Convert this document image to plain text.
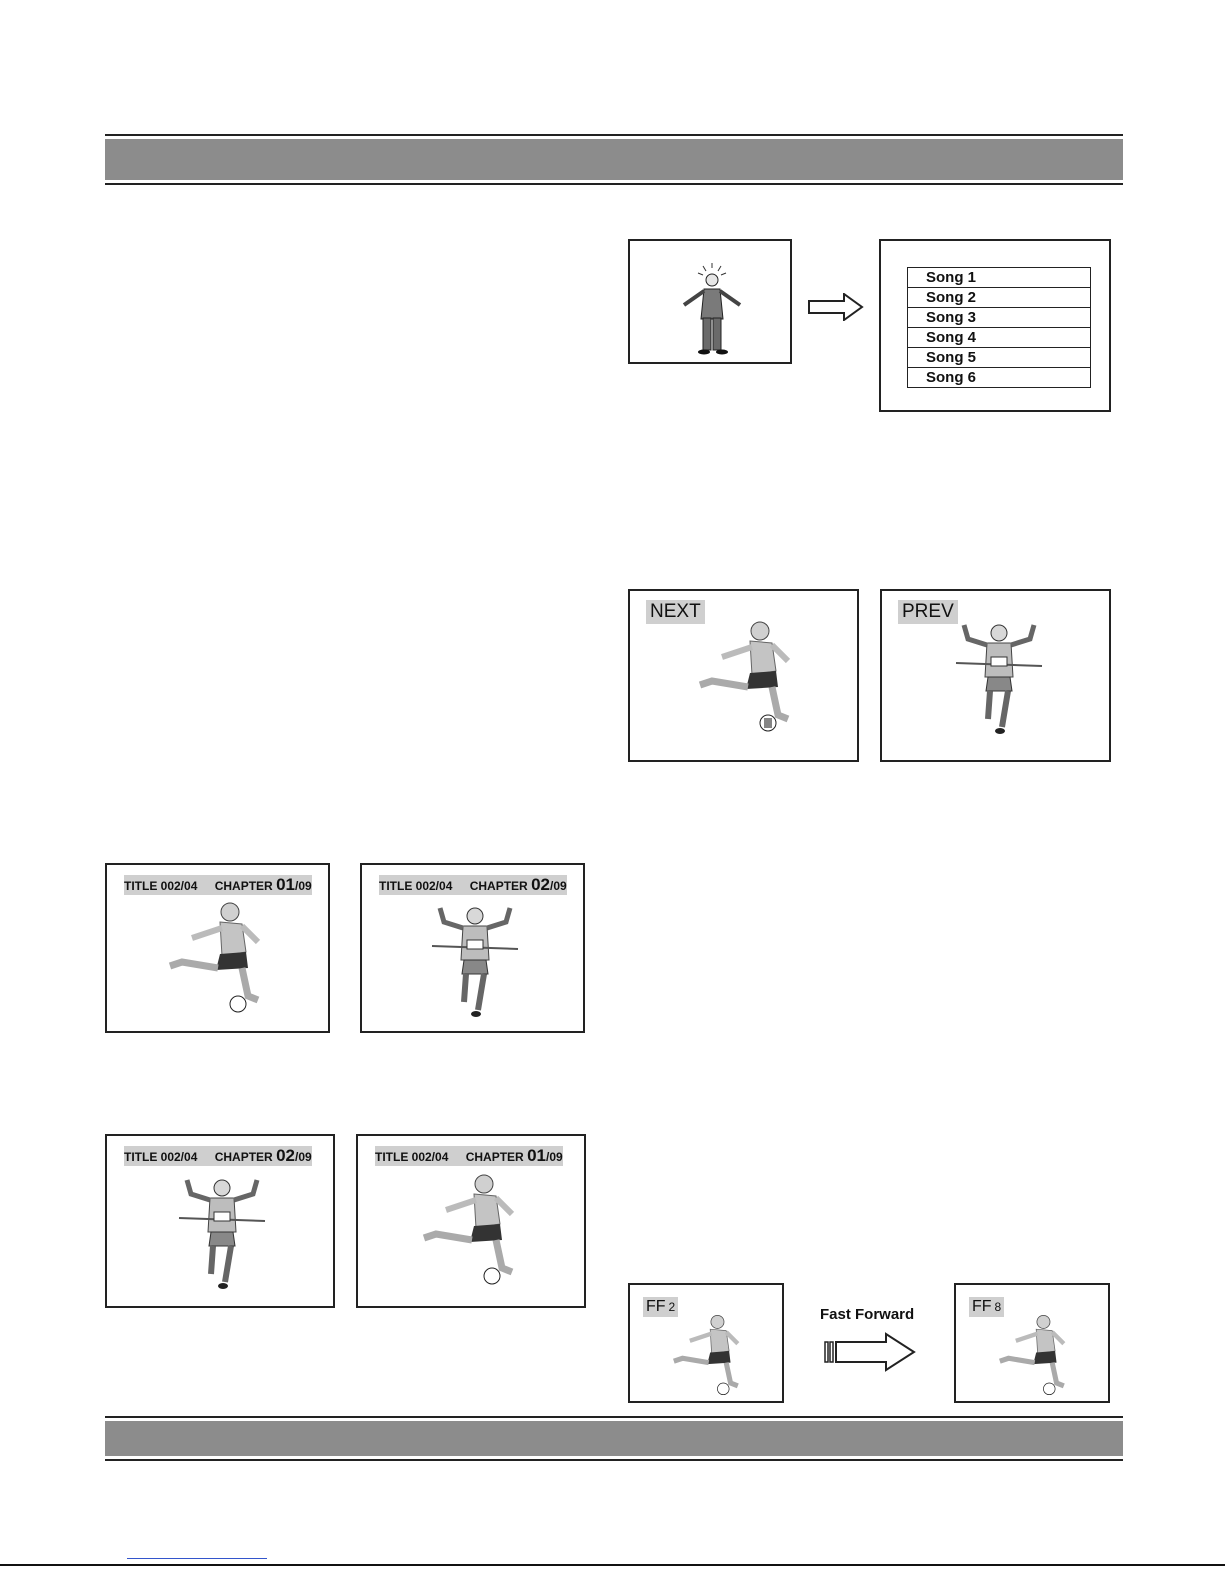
Song 1
Song 2
Song 3
Song 4
Song 5
Song 6
NEXT	PREV
TITLE 002/04 CHAPTER 01/09	TITLE 002/04 CHAPTER 02/09
TITLE 002/04 CHAPTER 02/09	TITLE 002/04 CHAPTER 01/09
FF 2	Fast Forward	FF 8
